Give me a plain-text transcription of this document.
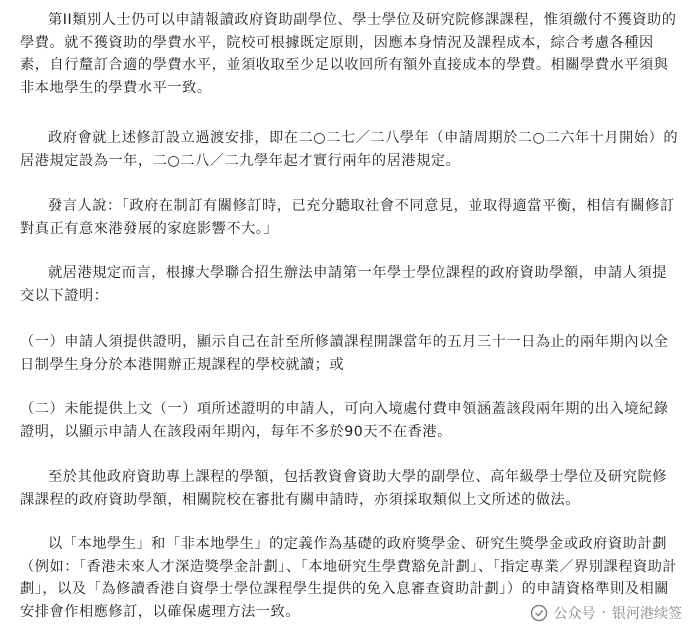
第II類別人士仍可以申請報讀政府資助副學位、學士學位及研究院修課課程，惟須繳付不獲資助的學費。就不獲資助的學費水平，院校可根據既定原則，因應本身情況及課程成本，綜合考慮各種因素，自行釐訂合適的學費水平，並須收取至少足以收回所有額外直接成本的學費。相關學費水平須與非本地學生的學費水平一致。

政府會就上述修訂設立過渡安排，即在二○二七／二八學年（申請周期於二○二六年十月開始）的居港規定設為一年，二○二八／二九學年起才實行兩年的居港規定。

發言人說：「政府在制訂有關修訂時，已充分聽取社會不同意見，並取得適當平衡，相信有關修訂對真正有意來港發展的家庭影響不大。」

就居港規定而言，根據大學聯合招生辦法申請第一年學士學位課程的政府資助學額，申請人須提交以下證明：

（一）申請人須提供證明，顯示自己在計至所修讀課程開課當年的五月三十一日為止的兩年期內以全日制學生身分於本港開辦正規課程的學校就讀；或

（二）未能提供上文（一）項所述證明的申請人，可向入境處付費申領涵蓋該段兩年期的出入境紀錄證明，以顯示申請人在該段兩年期內，每年不多於90天不在香港。

至於其他政府資助專上課程的學額，包括教資會資助大學的副學位、高年級學士學位及研究院修課課程的政府資助學額，相關院校在審批有關申請時，亦須採取類似上文所述的做法。

以「本地學生」和「非本地學生」的定義作為基礎的政府獎學金、研究生獎學金或政府資助計劃（例如：「香港未來人才深造獎學金計劃」、「本地研究生學費豁免計劃」、「指定專業／界別課程資助計劃」，以及「為修讀香港自資學士學位課程學生提供的免入息審查資助計劃」）的申請資格準則及相關安排會作相應修訂，以確保處理方法一致。	公众号 · 银河港续签
